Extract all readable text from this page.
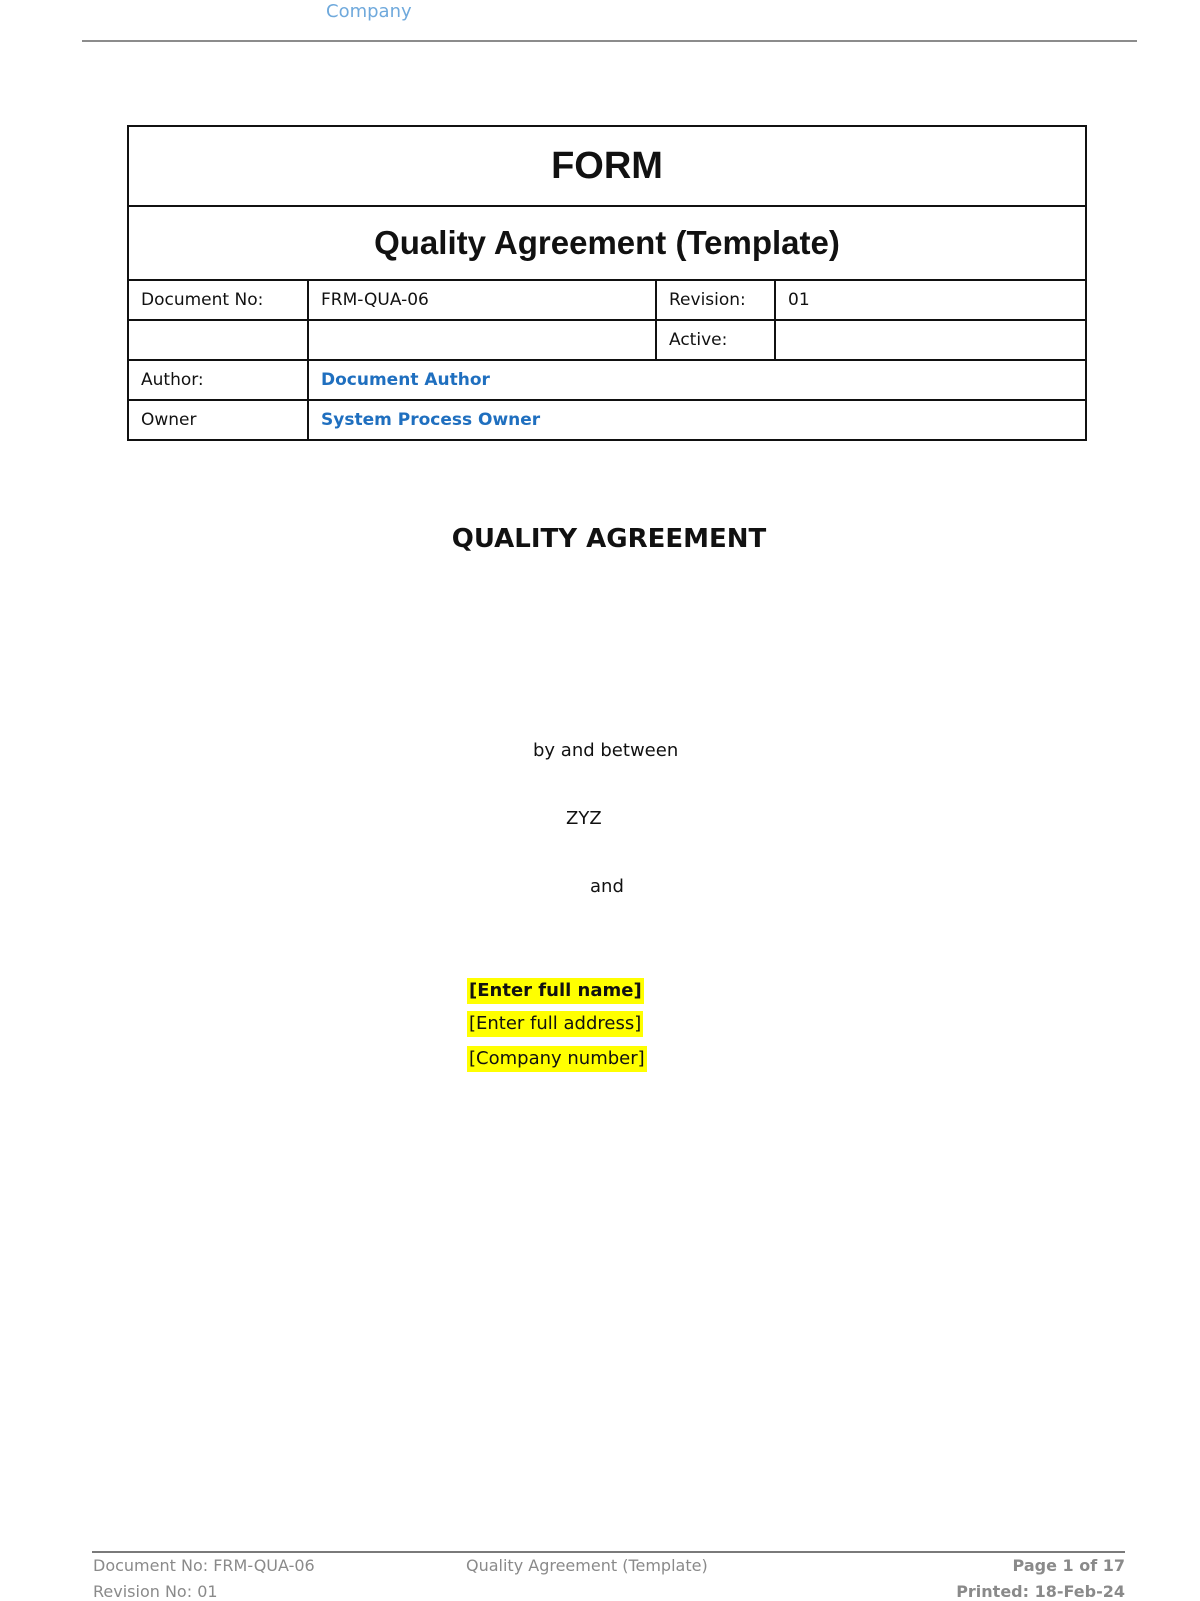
Company
FORM			
Quality Agreement (Template)			
Document No:	FRM-QUA-06	Revision:	01
		Active:	
Author:	Document Author		
Owner	System Process Owner		
QUALITY AGREEMENT
by and between
ZYZ
and
[Enter full name]
[Enter full address]
[Company number]
Document No: FRM-QUA-06
Revision No: 01
Quality Agreement (Template)	Page 1 of 17
Printed: 18-Feb-24
